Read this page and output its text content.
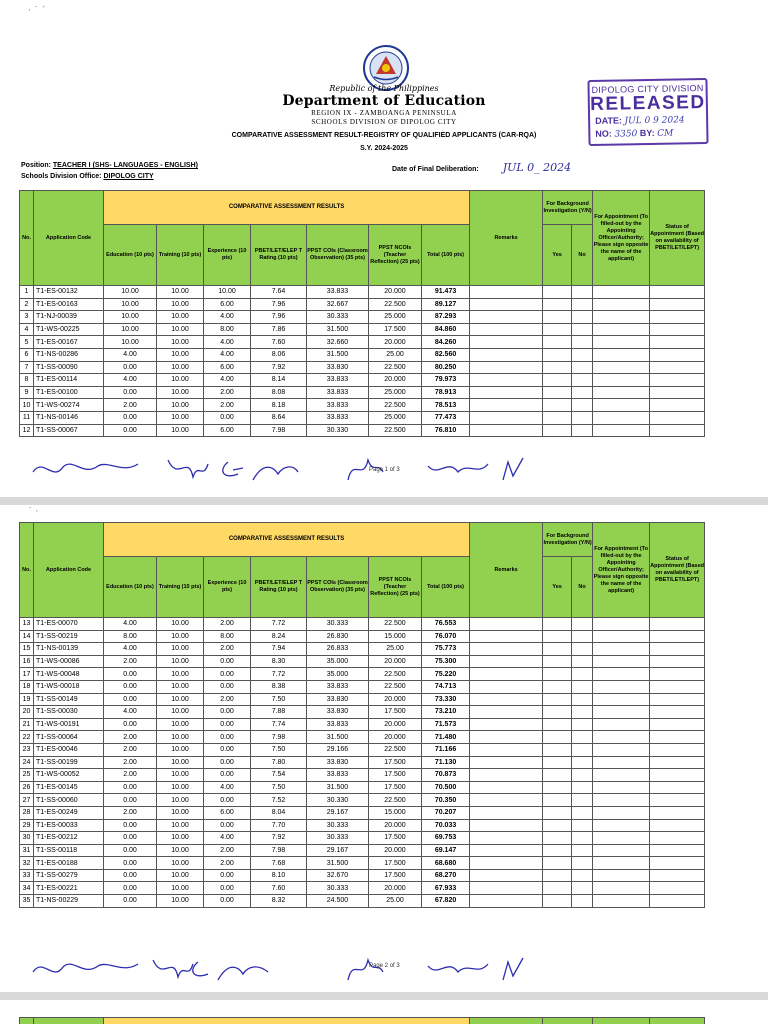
· ˙ ˊ
Republic of the Philippines
Department of Education
REGION IX - ZAMBOANGA PENINSULA
SCHOOLS DIVISION OF DIPOLOG CITY
DIPOLOG CITY DIVISION
RELEASED
DATE: JUL 0 9 2024
NO: 3350 BY: CM
COMPARATIVE ASSESSMENT RESULT-REGISTRY OF QUALIFIED APPLICANTS (CAR-RQA)
S.Y. 2024-2025
Position: TEACHER I (SHS- LANGUAGES - ENGLISH)
Schools Division Office: DIPOLOG CITY
Date of Final Deliberation: JUL 0_ 2024
No.	Application Code	COMPARATIVE ASSESSMENT RESULTS							Remarks	For Background Investigation (Y/N)		For Appointment (To filled-out by the Appointing Officer/Authority; Please sign opposite the name of the applicant)	Status of Appointment (Based on availability of PBET/LET/LEPT)
		Education (10 pts)	Training (10 pts)	Experience (10 pts)	PBET/LET/ELEP T Rating (10 pts)	PPST COIs (Classroom Observation) (35 pts)	PPST NCOIs (Teacher Reflection) (25 pts)	Total (100 pts)		Yes	No		
1	T1-ES-00132	10.00	10.00	10.00	7.64	33.833	20.000	91.473					
2	T1-ES-00163	10.00	10.00	6.00	7.96	32.667	22.500	89.127					
3	T1-NJ-00039	10.00	10.00	4.00	7.96	30.333	25.000	87.293					
4	T1-WS-00225	10.00	10.00	8.00	7.86	31.500	17.500	84.860					
5	T1-ES-00167	10.00	10.00	4.00	7.60	32.660	20.000	84.260					
6	T1-NS-00286	4.00	10.00	4.00	8.06	31.500	25.00	82.560					
7	T1-SS-00090	0.00	10.00	6.00	7.92	33.830	22.500	80.250					
8	T1-ES-00114	4.00	10.00	4.00	8.14	33.833	20.000	79.973					
9	T1-ES-00100	0.00	10.00	2.00	8.08	33.833	25.000	78.913					
10	T1-WS-00274	2.00	10.00	2.00	8.18	33.833	22.500	78.513					
11	T1-NS-00146	0.00	10.00	0.00	8.64	33.833	25.000	77.473					
12	T1-SS-00067	0.00	10.00	6.00	7.98	30.330	22.500	76.810					
Page 1 of 3
˙ ·
No.	Application Code	COMPARATIVE ASSESSMENT RESULTS							Remarks	For Background Investigation (Y/N)		For Appointment (To filled-out by the Appointing Officer/Authority; Please sign opposite the name of the applicant)	Status of Appointment (Based on availability of PBET/LET/LEPT)
		Education (10 pts)	Training (10 pts)	Experience (10 pts)	PBET/LET/ELEP T Rating (10 pts)	PPST COIs (Classroom Observation) (35 pts)	PPST NCOIs (Teacher Reflection) (25 pts)	Total (100 pts)		Yes	No		
13	T1-ES-00070	4.00	10.00	2.00	7.72	30.333	22.500	76.553					
14	T1-SS-00219	8.00	10.00	8.00	8.24	26.830	15.000	76.070					
15	T1-NS-00139	4.00	10.00	2.00	7.94	26.833	25.00	75.773					
16	T1-WS-00086	2.00	10.00	0.00	8.30	35.000	20.000	75.300					
17	T1-WS-00048	0.00	10.00	0.00	7.72	35.000	22.500	75.220					
18	T1-WS-00018	0.00	10.00	0.00	8.38	33.833	22.500	74.713					
19	T1-SS-00149	0.00	10.00	2.00	7.50	33.830	20.000	73.330					
20	T1-SS-00030	4.00	10.00	0.00	7.88	33.830	17.500	73.210					
21	T1-WS-00191	0.00	10.00	0.00	7.74	33.833	20.000	71.573					
22	T1-SS-00064	2.00	10.00	0.00	7.98	31.500	20.000	71.480					
23	T1-ES-00046	2.00	10.00	0.00	7.50	29.166	22.500	71.166					
24	T1-SS-00199	2.00	10.00	0.00	7.80	33.830	17.500	71.130					
25	T1-WS-00052	2.00	10.00	0.00	7.54	33.833	17.500	70.873					
26	T1-ES-00145	0.00	10.00	4.00	7.50	31.500	17.500	70.500					
27	T1-SS-00060	0.00	10.00	0.00	7.52	30.330	22.500	70.350					
28	T1-ES-00249	2.00	10.00	6.00	8.04	29.167	15.000	70.207					
29	T1-ES-00033	0.00	10.00	0.00	7.70	30.333	20.000	70.033					
30	T1-ES-00212	0.00	10.00	4.00	7.92	30.333	17.500	69.753					
31	T1-SS-00118	0.00	10.00	2.00	7.98	29.167	20.000	69.147					
32	T1-ES-00188	0.00	10.00	2.00	7.68	31.500	17.500	68.680					
33	T1-SS-00279	0.00	10.00	0.00	8.10	32.670	17.500	68.270					
34	T1-ES-00221	0.00	10.00	0.00	7.60	30.333	20.000	67.933					
35	T1-NS-00229	0.00	10.00	0.00	8.32	24.500	25.00	67.820					
Page 2 of 3
